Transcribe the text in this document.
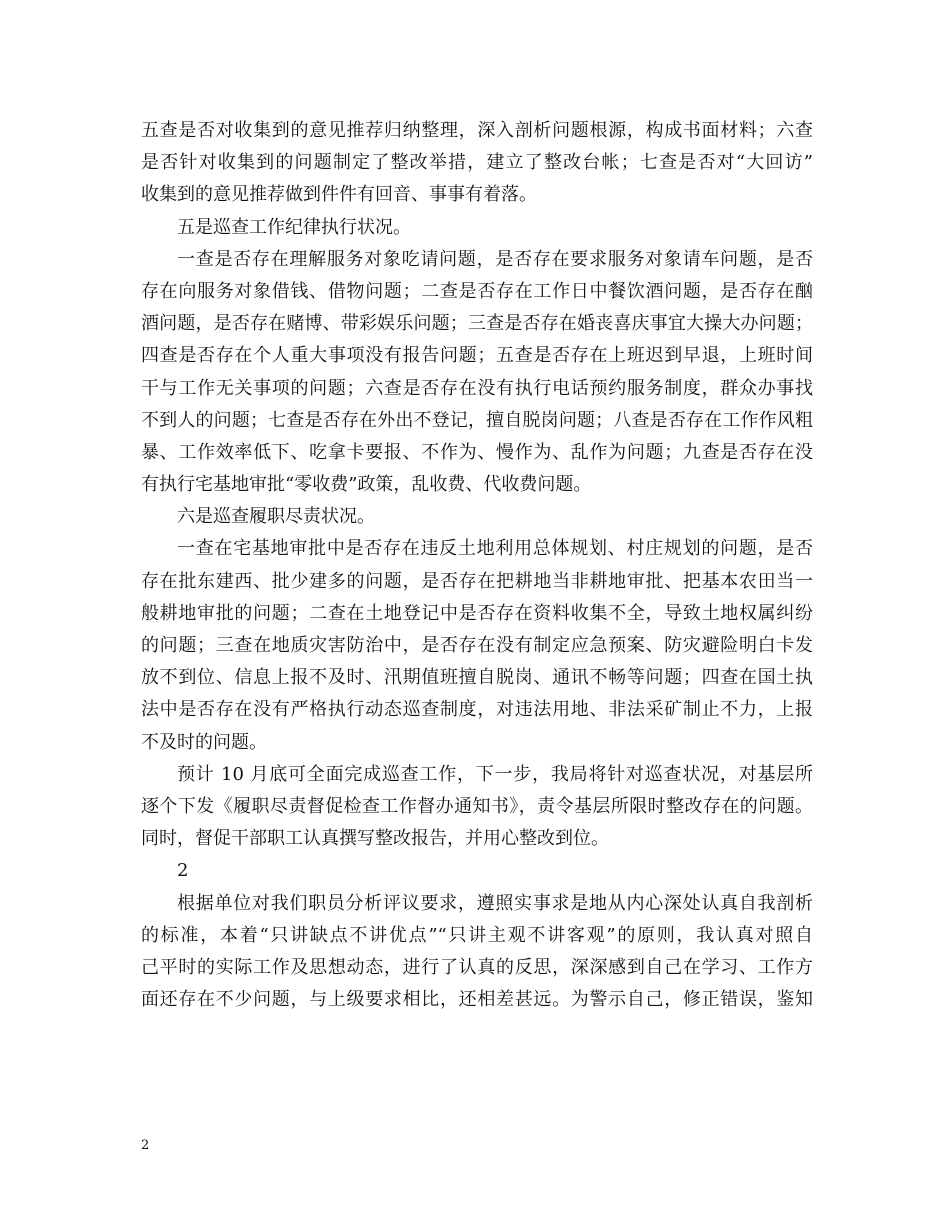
五查是否对收集到的意见推荐归纳整理，深入剖析问题根源，构成书面材料；六查
是否针对收集到的问题制定了整改举措，建立了整改台帐；七查是否对“大回访”
收集到的意见推荐做到件件有回音、事事有着落。
五是巡查工作纪律执行状况。
一查是否存在理解服务对象吃请问题，是否存在要求服务对象请车问题，是否
存在向服务对象借钱、借物问题；二查是否存在工作日中餐饮酒问题，是否存在酗
酒问题，是否存在赌博、带彩娱乐问题；三查是否存在婚丧喜庆事宜大操大办问题；
四查是否存在个人重大事项没有报告问题；五查是否存在上班迟到早退，上班时间
干与工作无关事项的问题；六查是否存在没有执行电话预约服务制度，群众办事找
不到人的问题；七查是否存在外出不登记，擅自脱岗问题；八查是否存在工作作风粗
暴、工作效率低下、吃拿卡要报、不作为、慢作为、乱作为问题；九查是否存在没
有执行宅基地审批“零收费”政策，乱收费、代收费问题。
六是巡查履职尽责状况。
一查在宅基地审批中是否存在违反土地利用总体规划、村庄规划的问题，是否
存在批东建西、批少建多的问题，是否存在把耕地当非耕地审批、把基本农田当一
般耕地审批的问题；二查在土地登记中是否存在资料收集不全，导致土地权属纠纷
的问题；三查在地质灾害防治中，是否存在没有制定应急预案、防灾避险明白卡发
放不到位、信息上报不及时、汛期值班擅自脱岗、通讯不畅等问题；四查在国土执
法中是否存在没有严格执行动态巡查制度，对违法用地、非法采矿制止不力，上报
不及时的问题。
预计 10 月底可全面完成巡查工作，下一步，我局将针对巡查状况，对基层所
逐个下发《履职尽责督促检查工作督办通知书》，责令基层所限时整改存在的问题。
同时，督促干部职工认真撰写整改报告，并用心整改到位。
2
根据单位对我们职员分析评议要求，遵照实事求是地从内心深处认真自我剖析
的标准，本着“只讲缺点不讲优点”“只讲主观不讲客观”的原则，我认真对照自
己平时的实际工作及思想动态，进行了认真的反思，深深感到自己在学习、工作方
面还存在不少问题，与上级要求相比，还相差甚远。为警示自己，修正错误，鉴知
2
